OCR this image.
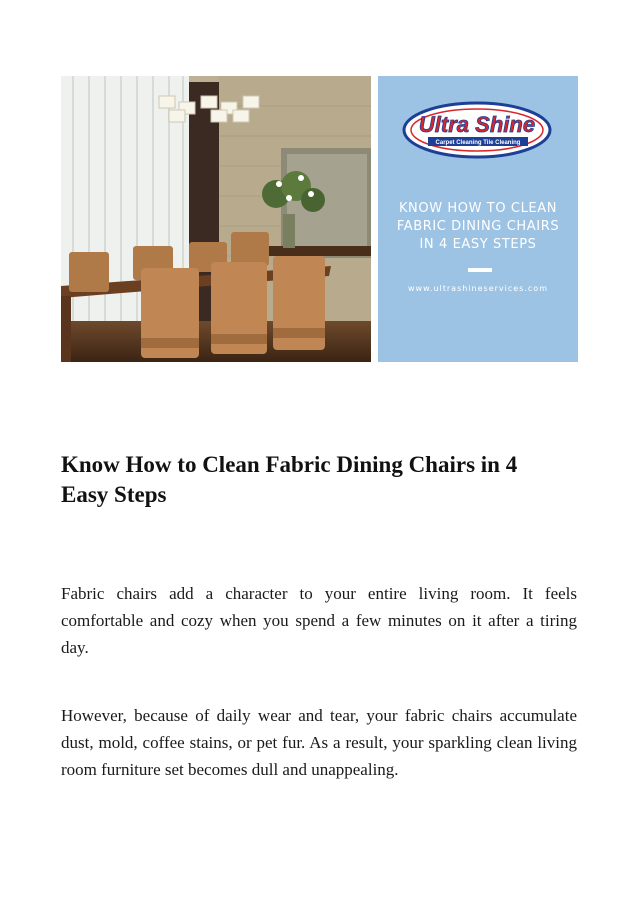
Ultra Shine
Carpet Cleaning Tile Cleaning
KNOW HOW TO CLEAN
FABRIC DINING CHAIRS
IN 4 EASY STEPS
www.ultrashineservices.com
Know How to Clean Fabric Dining Chairs in 4
Easy Steps

Fabric chairs add a character to your entire living room. It feels comfortable and cozy when you spend a few minutes on it after a tiring day.

However, because of daily wear and tear, your fabric chairs accumulate dust, mold, coffee stains, or pet fur. As a result, your sparkling clean living room furniture set becomes dull and unappealing.
